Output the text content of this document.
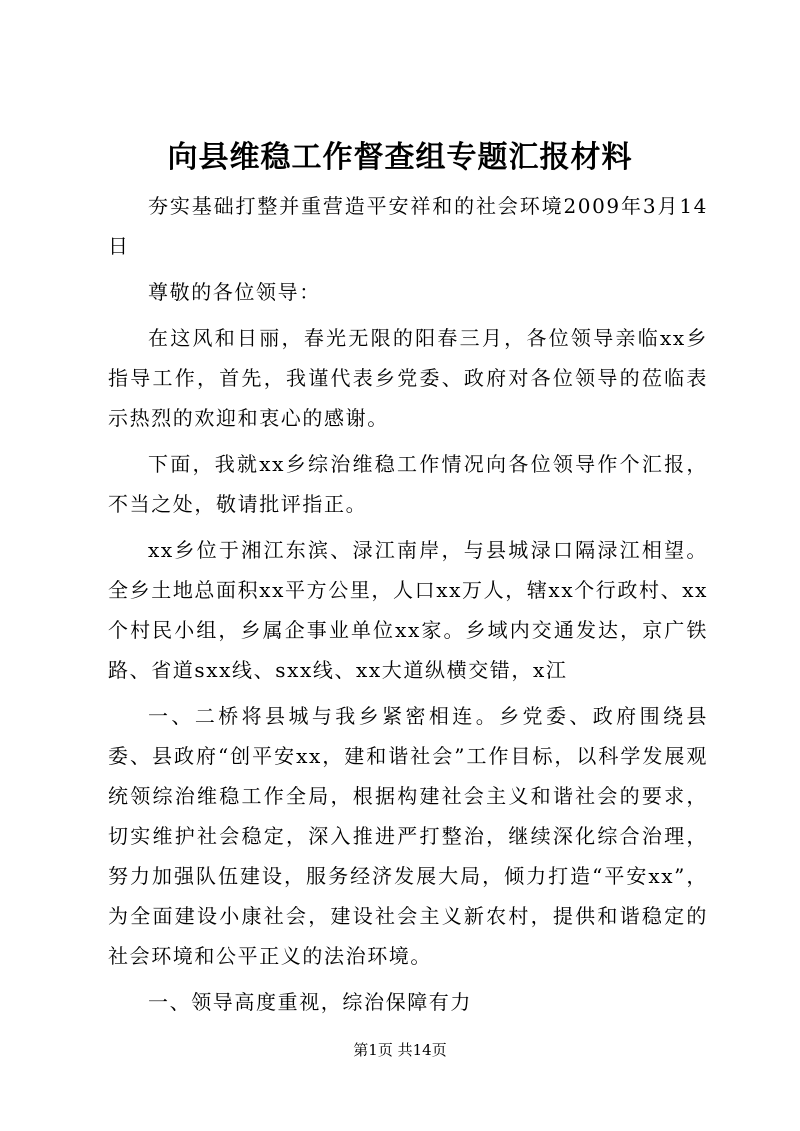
向县维稳工作督查组专题汇报材料

夯实基础打整并重营造平安祥和的社会环境2009年3月14日

尊敬的各位领导：

在这风和日丽，春光无限的阳春三月，各位领导亲临xx乡指导工作，首先，我谨代表乡党委、政府对各位领导的莅临表示热烈的欢迎和衷心的感谢。

下面，我就xx乡综治维稳工作情况向各位领导作个汇报，不当之处，敬请批评指正。

xx乡位于湘江东滨、渌江南岸，与县城渌口隔渌江相望。全乡土地总面积xx平方公里，人口xx万人，辖xx个行政村、xx个村民小组，乡属企事业单位xx家。乡域内交通发达，京广铁路、省道sxx线、sxx线、xx大道纵横交错，x江

一、二桥将县城与我乡紧密相连。乡党委、政府围绕县委、县政府“创平安xx，建和谐社会”工作目标，以科学发展观统领综治维稳工作全局，根据构建社会主义和谐社会的要求，切实维护社会稳定，深入推进严打整治，继续深化综合治理，努力加强队伍建设，服务经济发展大局，倾力打造“平安xx”，为全面建设小康社会，建设社会主义新农村，提供和谐稳定的社会环境和公平正义的法治环境。

一、领导高度重视，综治保障有力

第1页 共14页
